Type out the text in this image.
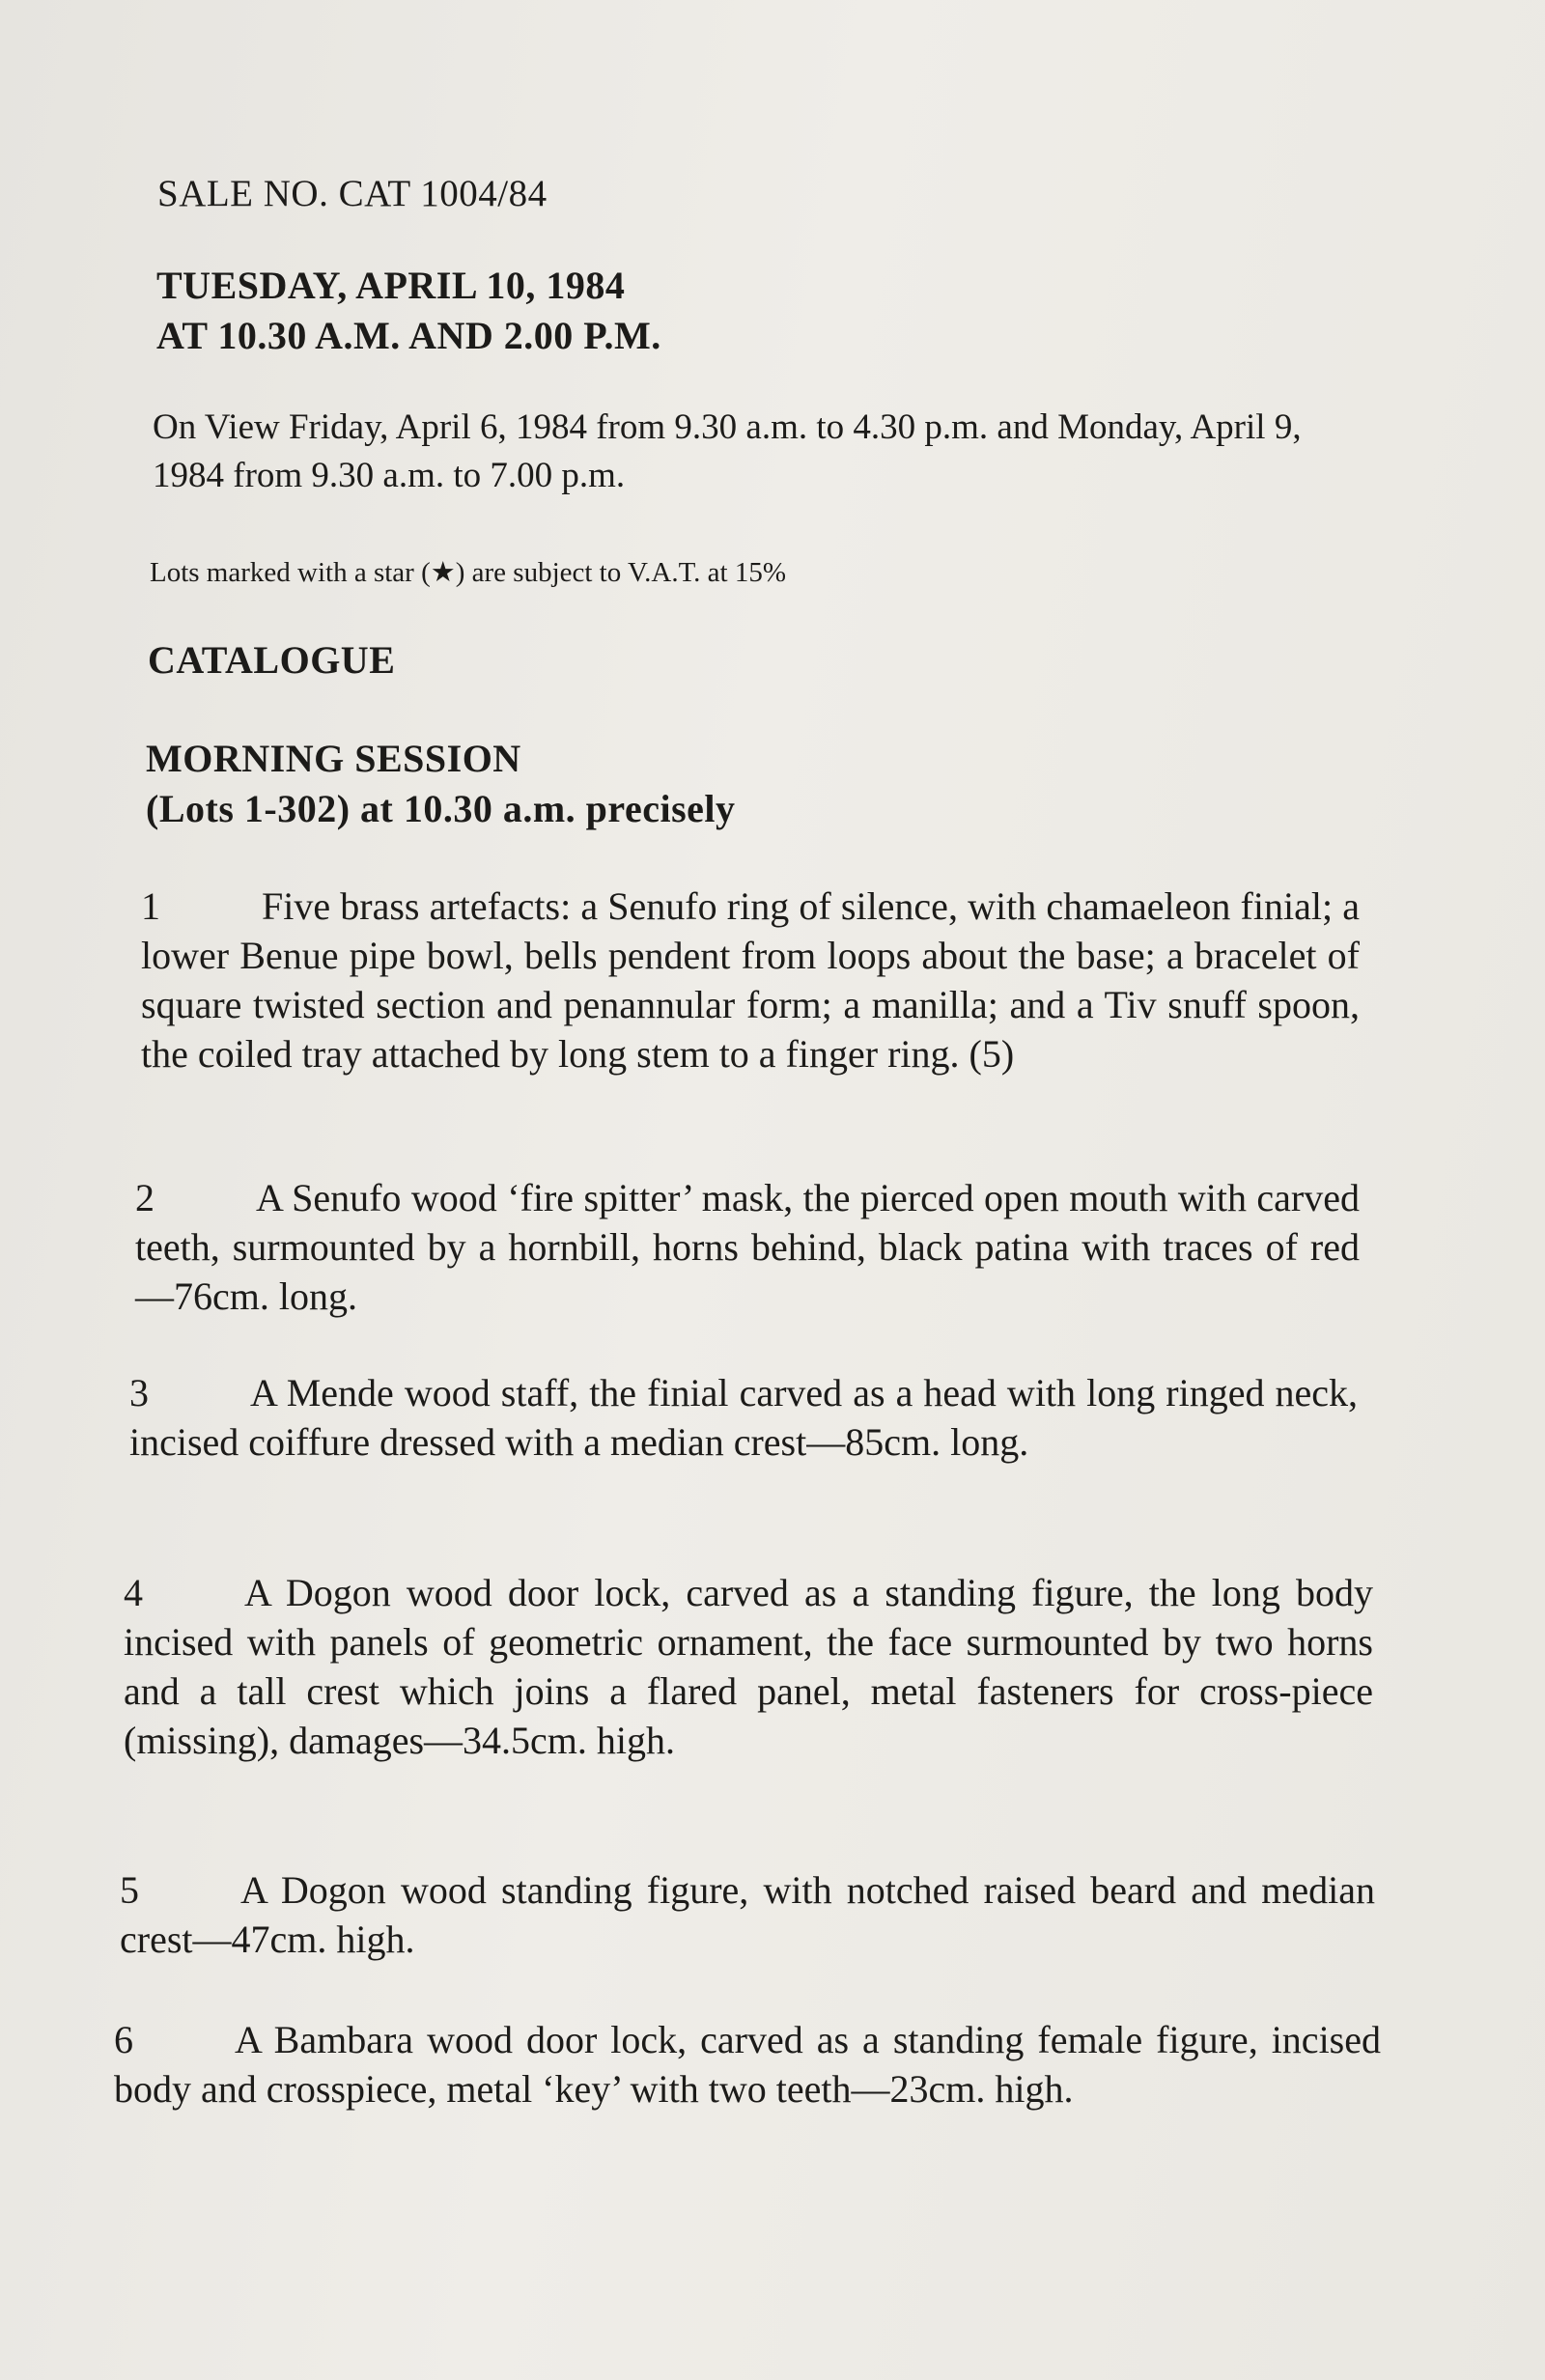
SALE NO. CAT 1004/84
TUESDAY, APRIL 10, 1984
AT 10.30 A.M. AND 2.00 P.M.
On View Friday, April 6, 1984 from 9.30 a.m. to 4.30 p.m. and Monday, April 9, 1984 from 9.30 a.m. to 7.00 p.m.
Lots marked with a star (★) are subject to V.A.T. at 15%
CATALOGUE
MORNING SESSION
(Lots 1-302) at 10.30 a.m. precisely
1	Five brass artefacts: a Senufo ring of silence, with chamaeleon finial; a lower Benue pipe bowl, bells pendent from loops about the base; a bracelet of square twisted section and penannular form; a manilla; and a Tiv snuff spoon, the coiled tray attached by long stem to a finger ring. (5)
2	A Senufo wood ‘fire spitter’ mask, the pierced open mouth with carved teeth, surmounted by a hornbill, horns behind, black patina with traces of red—76cm. long.
3	A Mende wood staff, the finial carved as a head with long ringed neck, incised coiffure dressed with a median crest—85cm. long.
4	A Dogon wood door lock, carved as a standing figure, the long body incised with panels of geometric ornament, the face surmounted by two horns and a tall crest which joins a flared panel, metal fasteners for cross-piece (missing), damages—34.5cm. high.
5	A Dogon wood standing figure, with notched raised beard and median crest—47cm. high.
6	A Bambara wood door lock, carved as a standing female figure, incised body and crosspiece, metal ‘key’ with two teeth—23cm. high.
